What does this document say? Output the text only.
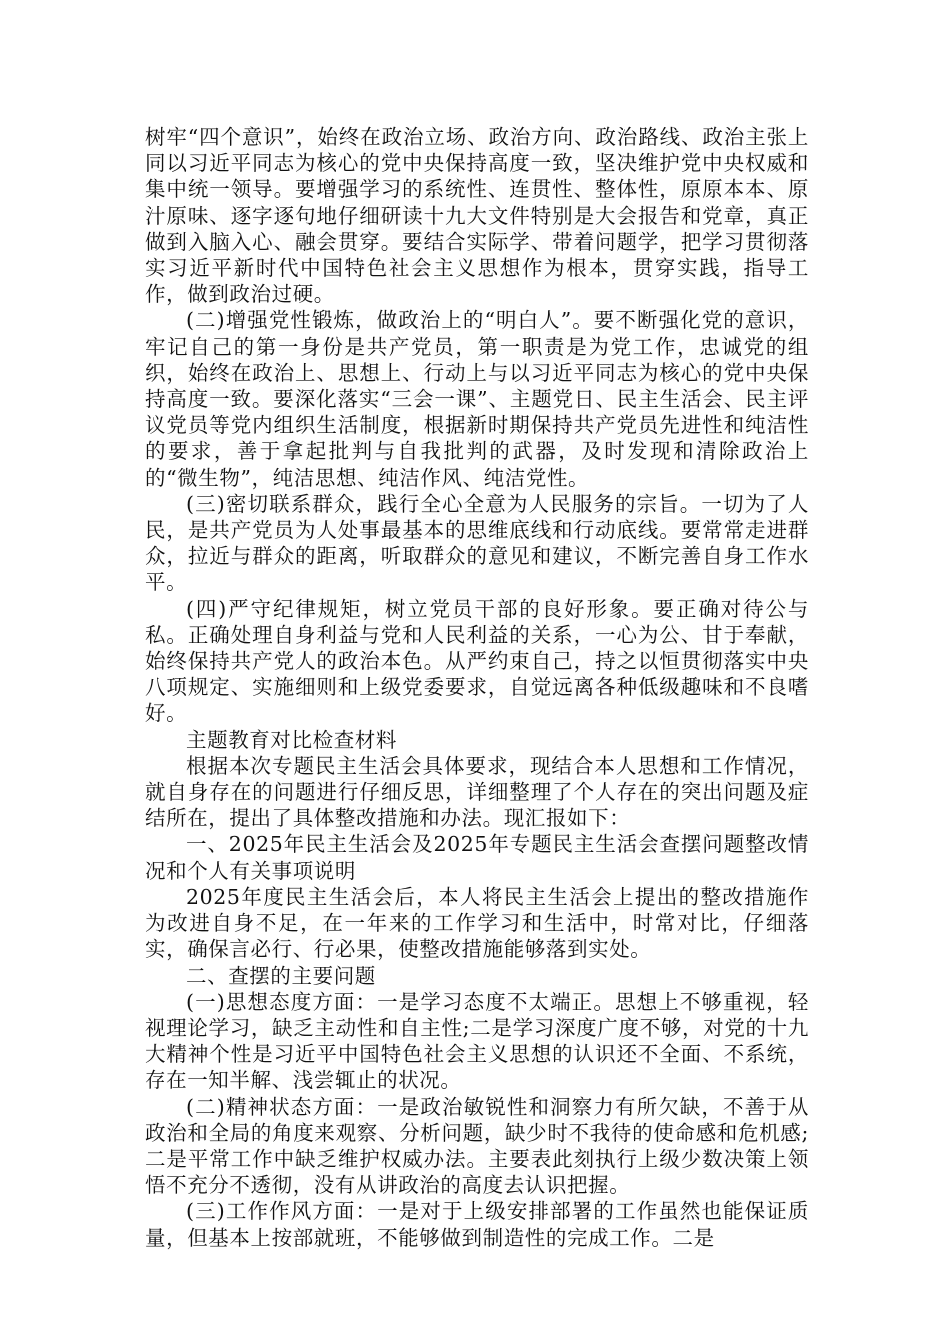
树牢“四个意识”，始终在政治立场、政治方向、政治路线、政治主张上同以习近平同志为核心的党中央保持高度一致，坚决维护党中央权威和集中统一领导。要增强学习的系统性、连贯性、整体性，原原本本、原汁原味、逐字逐句地仔细研读十九大文件特别是大会报告和党章，真正做到入脑入心、融会贯穿。要结合实际学、带着问题学，把学习贯彻落实习近平新时代中国特色社会主义思想作为根本，贯穿实践，指导工作，做到政治过硬。

(二)增强党性锻炼，做政治上的“明白人”。要不断强化党的意识，牢记自己的第一身份是共产党员，第一职责是为党工作，忠诚党的组织，始终在政治上、思想上、行动上与以习近平同志为核心的党中央保持高度一致。要深化落实“三会一课”、主题党日、民主生活会、民主评议党员等党内组织生活制度，根据新时期保持共产党员先进性和纯洁性的要求，善于拿起批判与自我批判的武器，及时发现和清除政治上的“微生物”，纯洁思想、纯洁作风、纯洁党性。

(三)密切联系群众，践行全心全意为人民服务的宗旨。一切为了人民，是共产党员为人处事最基本的思维底线和行动底线。要常常走进群众，拉近与群众的距离，听取群众的意见和建议，不断完善自身工作水平。

(四)严守纪律规矩，树立党员干部的良好形象。要正确对待公与私。正确处理自身利益与党和人民利益的关系，一心为公、甘于奉献，始终保持共产党人的政治本色。从严约束自己，持之以恒贯彻落实中央八项规定、实施细则和上级党委要求，自觉远离各种低级趣味和不良嗜好。

主题教育对比检查材料

根据本次专题民主生活会具体要求，现结合本人思想和工作情况，就自身存在的问题进行仔细反思，详细整理了个人存在的突出问题及症结所在，提出了具体整改措施和办法。现汇报如下：

一、2025年民主生活会及2025年专题民主生活会查摆问题整改情况和个人有关事项说明

2025年度民主生活会后，本人将民主生活会上提出的整改措施作为改进自身不足，在一年来的工作学习和生活中，时常对比，仔细落实，确保言必行、行必果，使整改措施能够落到实处。

二、查摆的主要问题

(一)思想态度方面：一是学习态度不太端正。思想上不够重视，轻视理论学习，缺乏主动性和自主性;二是学习深度广度不够，对党的十九大精神个性是习近平中国特色社会主义思想的认识还不全面、不系统，存在一知半解、浅尝辄止的状况。

(二)精神状态方面：一是政治敏锐性和洞察力有所欠缺，不善于从政治和全局的角度来观察、分析问题，缺少时不我待的使命感和危机感;二是平常工作中缺乏维护权威办法。主要表此刻执行上级少数决策上领悟不充分不透彻，没有从讲政治的高度去认识把握。

(三)工作作风方面：一是对于上级安排部署的工作虽然也能保证质量，但基本上按部就班，不能够做到制造性的完成工作。二是
